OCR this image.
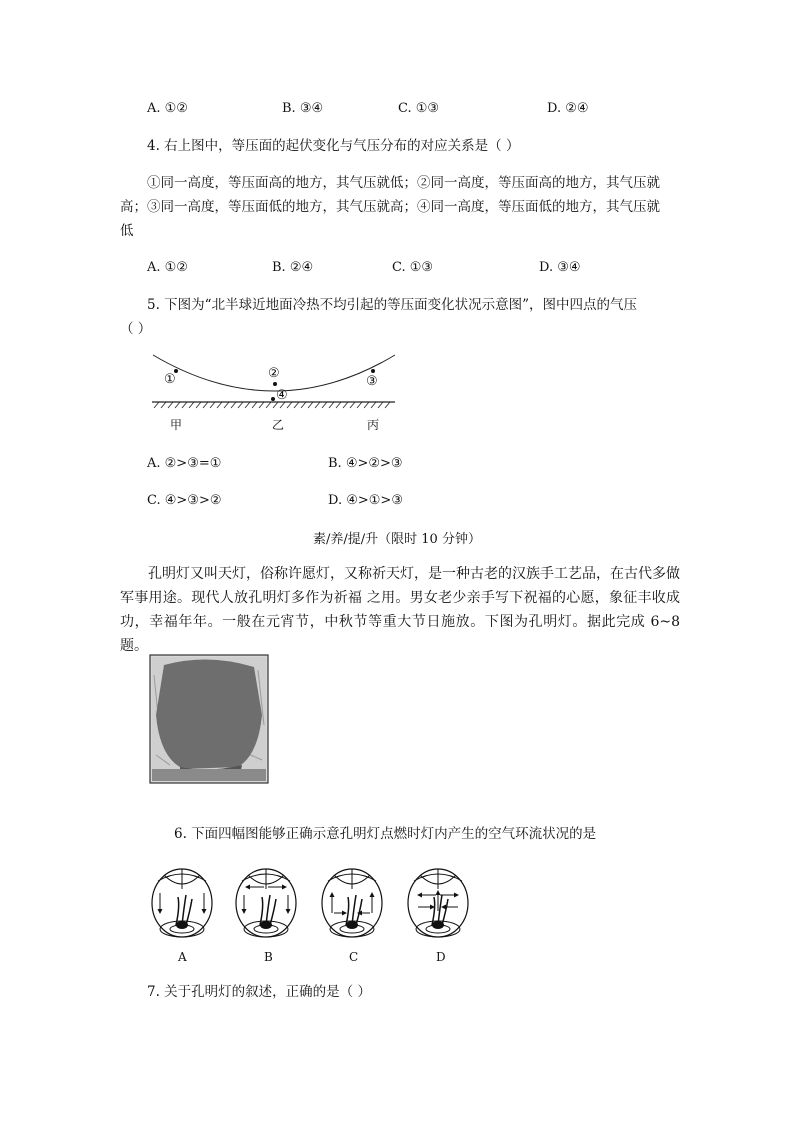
A. ①②	B. ③④	C. ①③	D. ②④
4. 右上图中，等压面的起伏变化与气压分布的对应关系是（ ）
①同一高度，等压面高的地方，其气压就低；②同一高度，等压面高的地方，其气压就
高；③同一高度，等压面低的地方，其气压就高；④同一高度，等压面低的地方，其气压就
低
A. ①②	B. ②④	C. ①③	D. ③④
5. 下图为“北半球近地面冷热不均引起的等压面变化状况示意图”，图中四点的气压
（ ）
①	②
③
④
甲	乙	丙
A. ②>③=①	B. ④>②>③
C. ④>③>②	D. ④>①>③
素/养/提/升（限时 10 分钟）
孔明灯又叫天灯，俗称许愿灯，又称祈天灯，是一种古老的汉族手工艺品，在古代多做军事用途。现代人放孔明灯多作为祈福 之用。男女老少亲手写下祝福的心愿，象征丰收成功，幸福年年。一般在元宵节，中秋节等重大节日施放。下图为孔明灯。据此完成 6~8 题。
6. 下面四幅图能够正确示意孔明灯点燃时灯内产生的空气环流状况的是
A	B	C	D
7. 关于孔明灯的叙述，正确的是（ ）
